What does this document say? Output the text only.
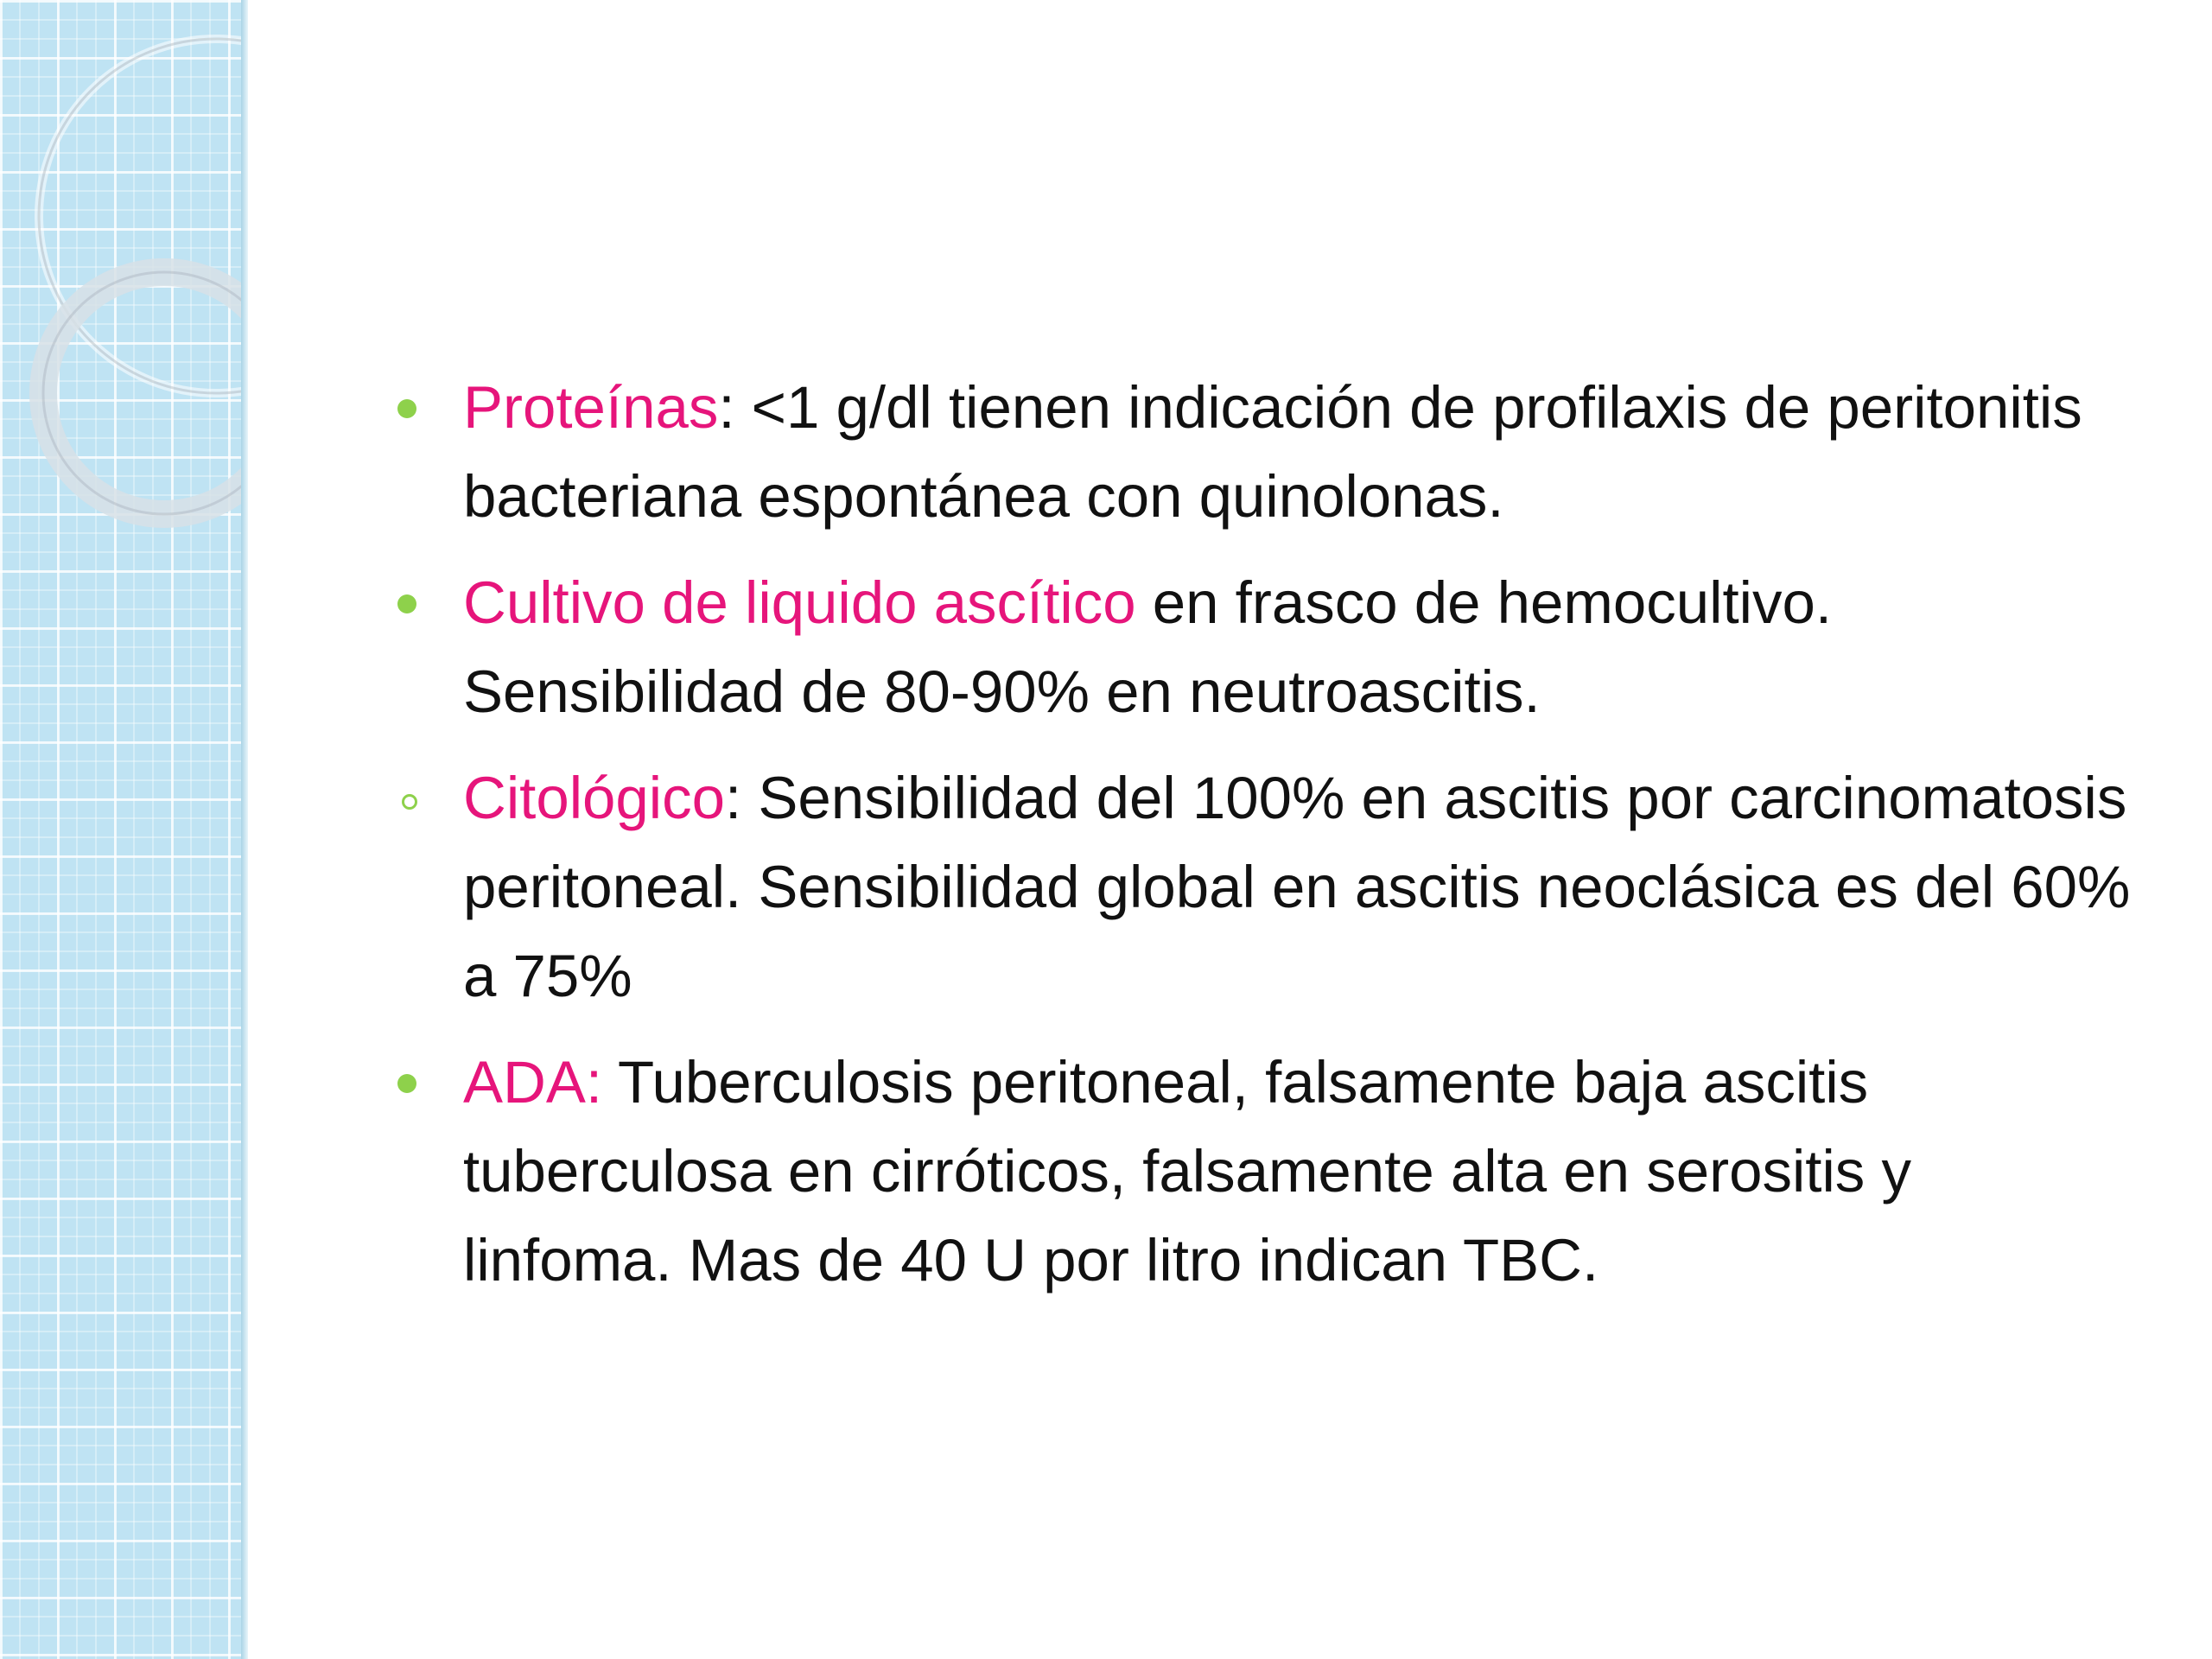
Proteínas: <1 g/dl tienen indicación de profilaxis de peritonitis bacteriana espontánea con quinolonas.
Cultivo de liquido ascítico en frasco de hemocultivo. Sensibilidad de 80-90% en neutroascitis.
Citológico: Sensibilidad del 100% en ascitis por carcinomatosis peritoneal. Sensibilidad global en ascitis neoclásica es del 60% a 75%
ADA: Tuberculosis peritoneal, falsamente baja ascitis tuberculosa en cirróticos, falsamente alta en serositis y linfoma. Mas de 40 U por litro indican TBC.
